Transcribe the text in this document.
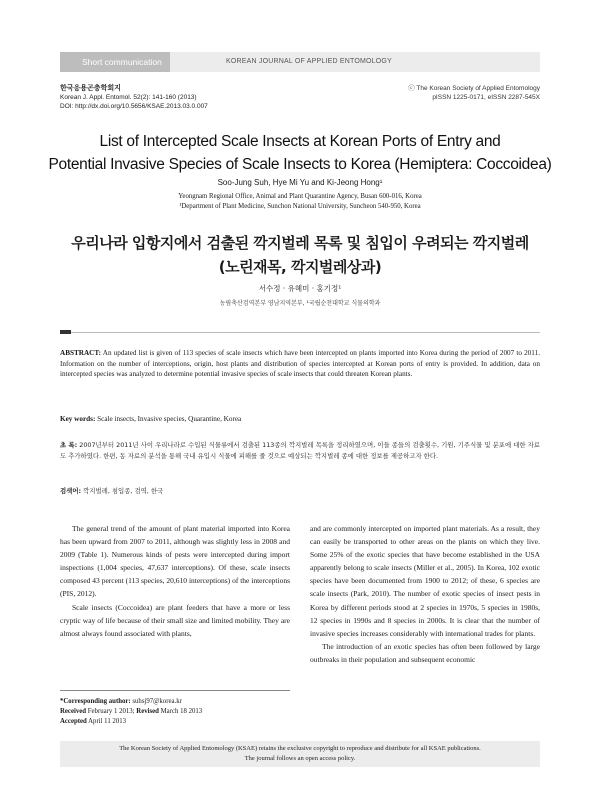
Short communication	KOREAN JOURNAL OF APPLIED ENTOMOLOGY
한국응용곤충학회지
Korean J. Appl. Entomol. 52(2): 141-160 (2013)
DOI: http://dx.doi.org/10.5656/KSAE.2013.03.0.007
ⓒ The Korean Society of Applied Entomology
pISSN 1225-0171, eISSN 2287-545X
List of Intercepted Scale Insects at Korean Ports of Entry and
Potential Invasive Species of Scale Insects to Korea (Hemiptera: Coccoidea)
Soo-Jung Suh, Hye Mi Yu and Ki-Jeong Hong¹
Yeongnam Regional Office, Animal and Plant Quarantine Agency, Busan 600-016, Korea
¹Department of Plant Medicine, Sunchon National University, Suncheon 540-950, Korea
우리나라 입항지에서 검출된 깍지벌레 목록 및 침입이 우려되는 깍지벌레
(노린재목, 깍지벌레상과)
서수정 · 유혜미 · 홍기정¹
농림축산검역본부 영남지역본부, ¹국립순천대학교 식물의학과
ABSTRACT: An updated list is given of 113 species of scale insects which have been intercepted on plants imported into Korea during the period of 2007 to 2011. Information on the number of interceptions, origin, host plants and distribution of species intercepted at Korean ports of entry is provided. In addition, data on intercepted species was analyzed to determine potential invasive species of scale insects that could threaten Korean plants.
Key words: Scale insects, Invasive species, Quarantine, Korea
초 록: 2007년부터 2011년 사이 우리나라로 수입된 식물류에서 검출된 113종의 깍지벌레 목록을 정리하였으며, 이들 종들의 검출횟수, 기원, 기주식물 및 분포에 대한 자료도 추가하였다. 한편, 동 자료의 분석을 통해 국내 유입시 식물에 피해를 줄 것으로 예상되는 깍지벌레 종에 대한 정보를 제공하고자 한다.
검색어: 깍지벌레, 침입종, 검역, 한국

The general trend of the amount of plant material imported into Korea has been upward from 2007 to 2011, although was slightly less in 2008 and 2009 (Table 1). Numerous kinds of pests were intercepted during import inspections (1,004 species, 47,637 interceptions). Of these, scale insects composed 43 percent (113 species, 20,610 interceptions) of the interceptions (PIS, 2012).

Scale insects (Coccoidea) are plant feeders that have a more or less cryptic way of life because of their small size and limited mobility. They are almost always found associated with plants,

and are commonly intercepted on imported plant materials. As a result, they can easily be transported to other areas on the plants on which they live. Some 25% of the exotic species that have become established in the USA apparently belong to scale insects (Miller et al., 2005). In Korea, 102 exotic species have been documented from 1900 to 2012; of these, 6 species are scale insects (Park, 2010). The number of exotic species of insect pests in Korea by different periods stood at 2 species in 1970s, 5 species in 1980s, 12 species in 1990s and 8 species in 2000s. It is clear that the number of invasive species increases considerably with international trades for plants.

The introduction of an exotic species has often been followed by large outbreaks in their population and subsequent economic

*Corresponding author: suhsj97@korea.kr
Received February 1 2013; Revised March 18 2013
Accepted April 11 2013
The Korean Society of Applied Entomology (KSAE) retains the exclusive copyright to reproduce and distribute for all KSAE publications.
The journal follows an open access policy.
